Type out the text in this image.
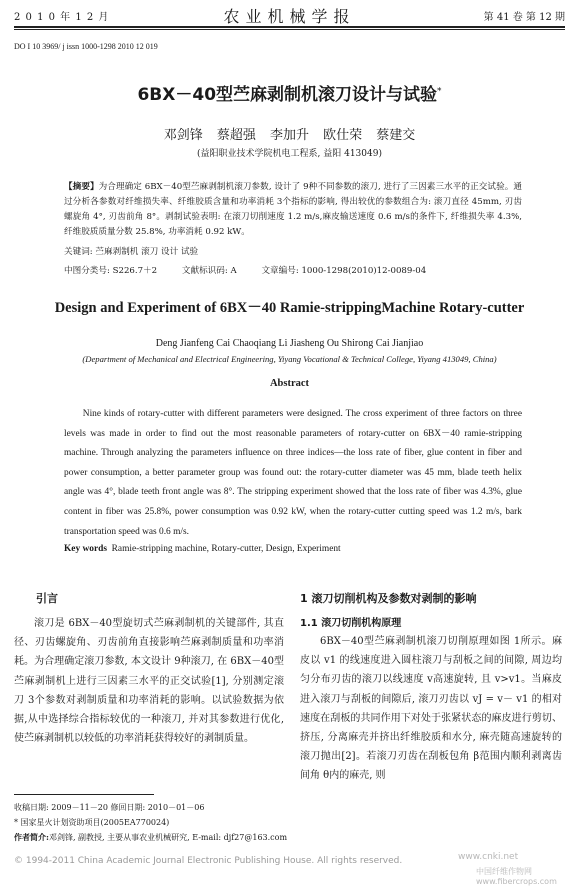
2 0 1 0 年 1 2 月	农业机械学报	第 41 卷 第 12 期
DO I 10 3969/ j issn 1000-1298 2010 12 019
6BX－40型苎麻剥制机滚刀设计与试验*
邓剑锋 蔡超强 李加升 欧仕荣 蔡建交
(益阳职业技术学院机电工程系, 益阳 413049)
【摘要】为合理确定 6BX－40型苎麻剥制机滚刀参数, 设计了 9种不同参数的滚刀, 进行了三因素三水平的正交试验。通过分析各参数对纤维损失率、纤维胶质含量和功率消耗 3个指标的影响, 得出较优的参数组合为: 滚刀直径 45mm, 刃齿螺旋角 4°, 刃齿前角 8°。剥制试验表明: 在滚刀切削速度 1.2 m/s,麻皮输送速度 0.6 m/s的条件下, 纤维损失率 4.3%, 纤维胶质质量分数 25.8%, 功率消耗 0.92 kW。
关键词: 苎麻剥制机 滚刀 设计 试验
中图分类号: S226.7＋2	文献标识码: A	文章编号: 1000-1298(2010)12-0089-04
Design and Experiment of 6BX－40 Ramie-strippingMachine Rotary-cutter
Deng Jianfeng Cai Chaoqiang Li Jiasheng Ou Shirong Cai Jianjiao
(Department of Mechanical and Electrical Engineering, Yiyang Vocational & Technical College, Yiyang 413049, China)
Abstract
Nine kinds of rotary-cutter with different parameters were designed. The cross experiment of three factors on three levels was made in order to find out the most reasonable parameters of rotary-cutter on 6BX－40 ramie-stripping machine. Through analyzing the parameters influence on three indices—the loss rate of fiber, glue content in fiber and power consumption, a better parameter group was found out: the rotary-cutter diameter was 45 mm, blade teeth helix angle was 4°, blade teeth front angle was 8°. The stripping experiment showed that the loss rate of fiber was 4.3%, glue content in fiber was 25.8%, power consumption was 0.92 kW, when the rotary-cutter cutting speed was 1.2 m/s, bark transportation speed was 0.6 m/s.
Key words Ramie-stripping machine, Rotary-cutter, Design, Experiment
引言
滚刀是 6BX－40型旋切式苎麻剥制机的关键部件, 其直径、刃齿螺旋角、刃齿前角直接影响苎麻剥制质量和功率消耗。为合理确定滚刀参数, 本文设计 9种滚刀, 在 6BX－40型苎麻剥制机上进行三因素三水平的正交试验[1], 分别测定滚刀 3个参数对剥制质量和功率消耗的影响。以试验数据为依据,从中选择综合指标较优的一种滚刀, 并对其参数进行优化, 使苎麻剥制机以较低的功率消耗获得较好的剥制质量。
1 滚刀切削机构及参数对剥制的影响
1.1 滚刀切削机构原理
6BX－40型苎麻剥制机滚刀切削原理如图 1所示。麻皮以 v1 的线速度进入圆柱滚刀与刮板之间的间隙, 周边均匀分布刃齿的滚刀以线速度 v高速旋转, 且 v>v1。当麻皮进入滚刀与刮板的间隙后, 滚刀刃齿以 vJ = v－ v1 的相对速度在刮板的共同作用下对处于张紧状态的麻皮进行剪切、挤压, 分离麻壳并挤出纤维胶质和水分, 麻壳随高速旋转的滚刀抛出[2]。若滚刀刃齿在刮板包角 β范围内顺利剥离齿间角 θ内的麻壳, 则
收稿日期: 2009－11－20 修回日期: 2010－01－06
* 国家星火计划资助项目(2005EA770024)
作者简介:邓剑锋, 副教授, 主要从事农业机械研究, E-mail: djf27@163.com
© 1994-2011 China Academic Journal Electronic Publishing House. All rights reserved.	www.cnki.net
中国纤维作物网 www.fibercrops.com
